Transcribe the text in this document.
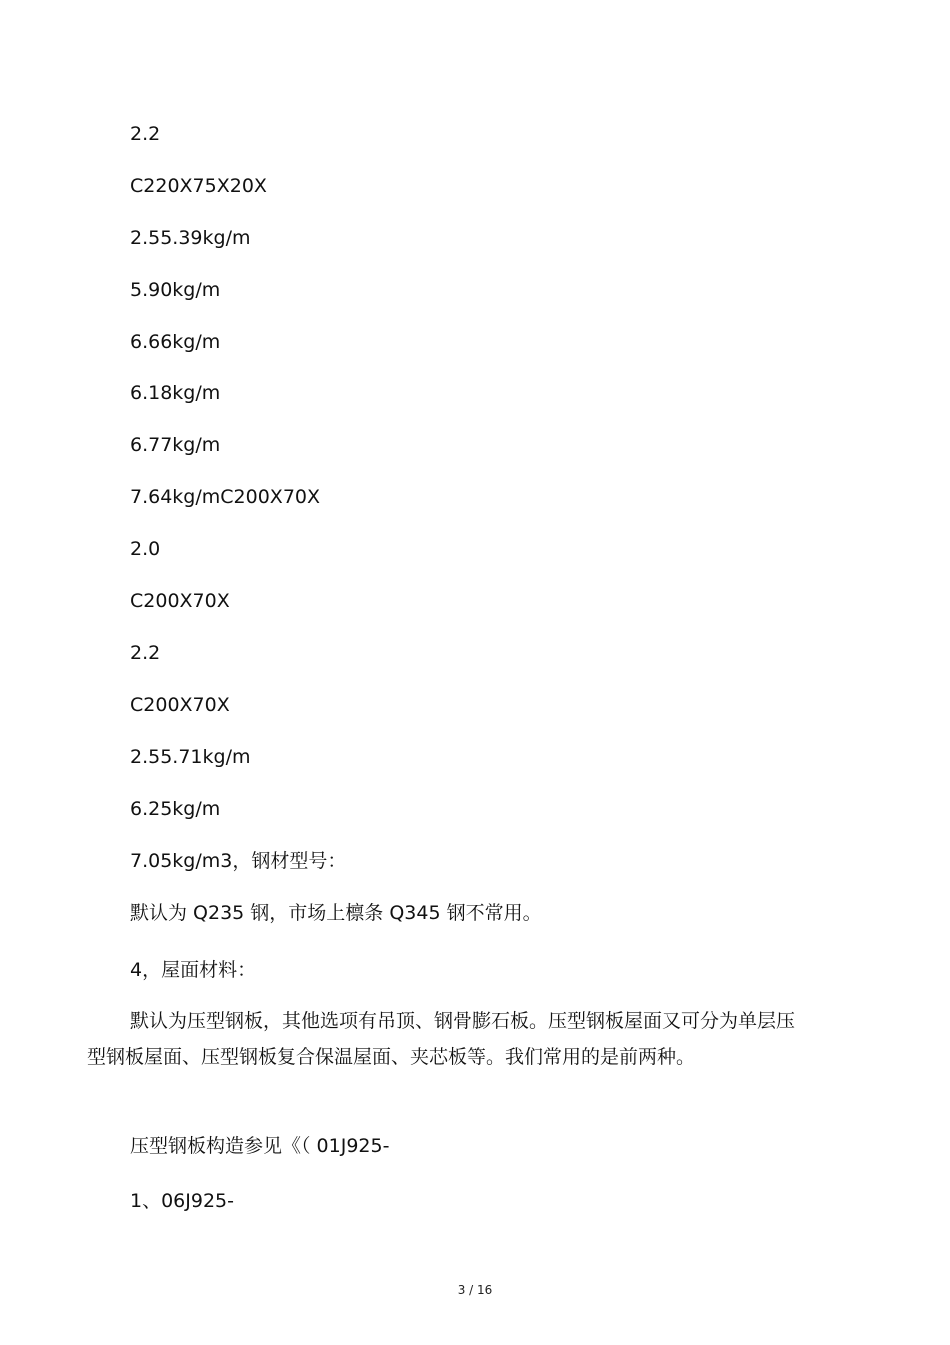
2.2
C220X75X20X
2.55.39kg/m
5.90kg/m
6.66kg/m
6.18kg/m
6.77kg/m
7.64kg/mC200X70X
2.0
C200X70X
2.2
C200X70X
2.55.71kg/m
6.25kg/m
7.05kg/m3，钢材型号：
默认为 Q235 钢，市场上檩条 Q345 钢不常用。
4，屋面材料：
默认为压型钢板，其他选项有吊顶、钢骨膨石板。压型钢板屋面又可分为单层压型钢板屋面、压型钢板复合保温屋面、夹芯板等。我们常用的是前两种。
压型钢板构造参见《（ 01J925-
1、06J925-
3 / 16
